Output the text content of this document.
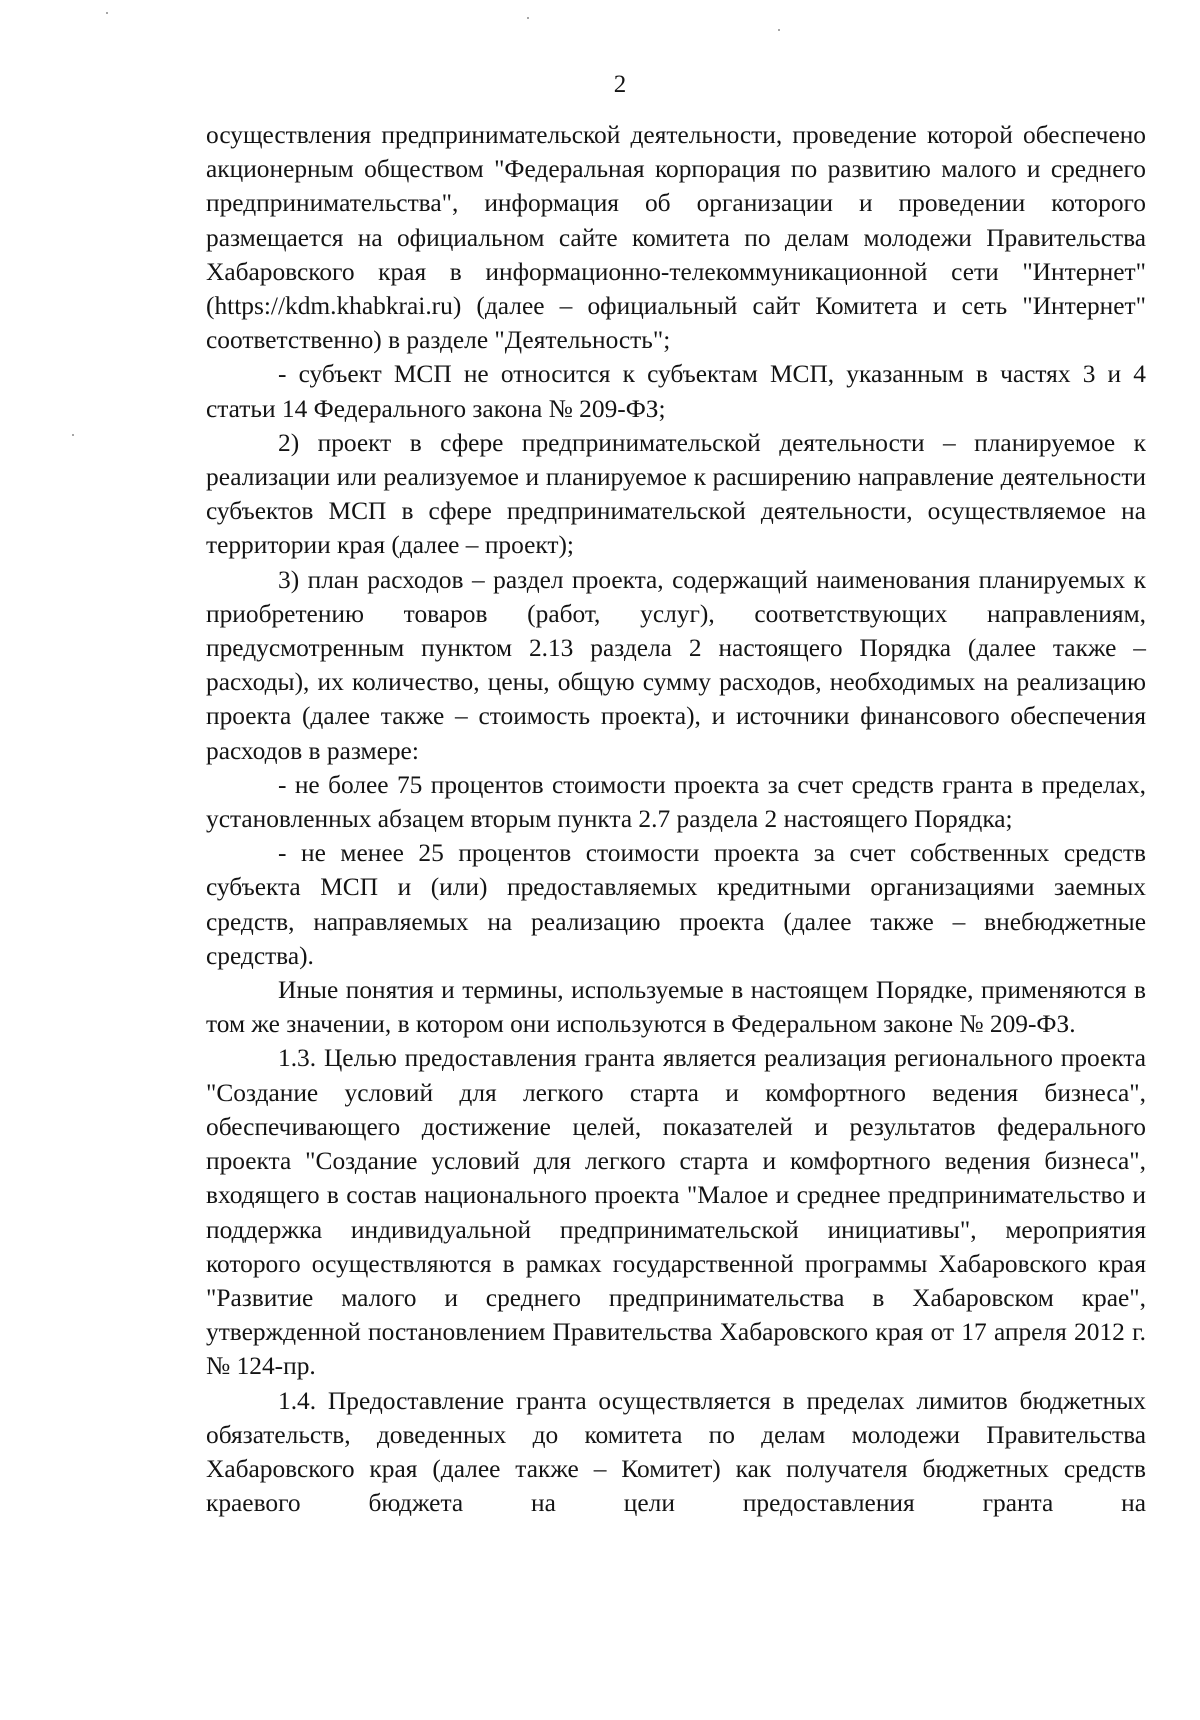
2

осуществления предпринимательской деятельности, проведение которой обеспечено акционерным обществом "Федеральная корпорация по развитию малого и среднего предпринимательства", информация об организации и проведении которого размещается на официальном сайте комитета по делам молодежи Правительства Хабаровского края в информационно-телекоммуникационной сети "Интернет" (https://kdm.khabkrai.ru) (далее – официальный сайт Комитета и сеть "Интернет" соответственно) в разделе "Деятельность";

- субъект МСП не относится к субъектам МСП, указанным в частях 3 и 4 статьи 14 Федерального закона № 209-ФЗ;

2) проект в сфере предпринимательской деятельности – планируемое к реализации или реализуемое и планируемое к расширению направление деятельности субъектов МСП в сфере предпринимательской деятельности, осуществляемое на территории края (далее – проект);

3) план расходов – раздел проекта, содержащий наименования планируемых к приобретению товаров (работ, услуг), соответствующих направлениям, предусмотренным пунктом 2.13 раздела 2 настоящего Порядка (далее также – расходы), их количество, цены, общую сумму расходов, необходимых на реализацию проекта (далее также – стоимость проекта), и источники финансового обеспечения расходов в размере:

- не более 75 процентов стоимости проекта за счет средств гранта в пределах, установленных абзацем вторым пункта 2.7 раздела 2 настоящего Порядка;

- не менее 25 процентов стоимости проекта за счет собственных средств субъекта МСП и (или) предоставляемых кредитными организациями заемных средств, направляемых на реализацию проекта (далее также – внебюджетные средства).

Иные понятия и термины, используемые в настоящем Порядке, применяются в том же значении, в котором они используются в Федеральном законе № 209-ФЗ.

1.3. Целью предоставления гранта является реализация регионального проекта "Создание условий для легкого старта и комфортного ведения бизнеса", обеспечивающего достижение целей, показателей и результатов федерального проекта "Создание условий для легкого старта и комфортного ведения бизнеса", входящего в состав национального проекта "Малое и среднее предпринимательство и поддержка индивидуальной предпринимательской инициативы", мероприятия которого осуществляются в рамках государственной программы Хабаровского края "Развитие малого и среднего предпринимательства в Хабаровском крае", утвержденной постановлением Правительства Хабаровского края от 17 апреля 2012 г. № 124-пр.

1.4. Предоставление гранта осуществляется в пределах лимитов бюджетных обязательств, доведенных до комитета по делам молодежи Правительства Хабаровского края (далее также – Комитет) как получателя бюджетных средств краевого бюджета на цели предоставления гранта на
